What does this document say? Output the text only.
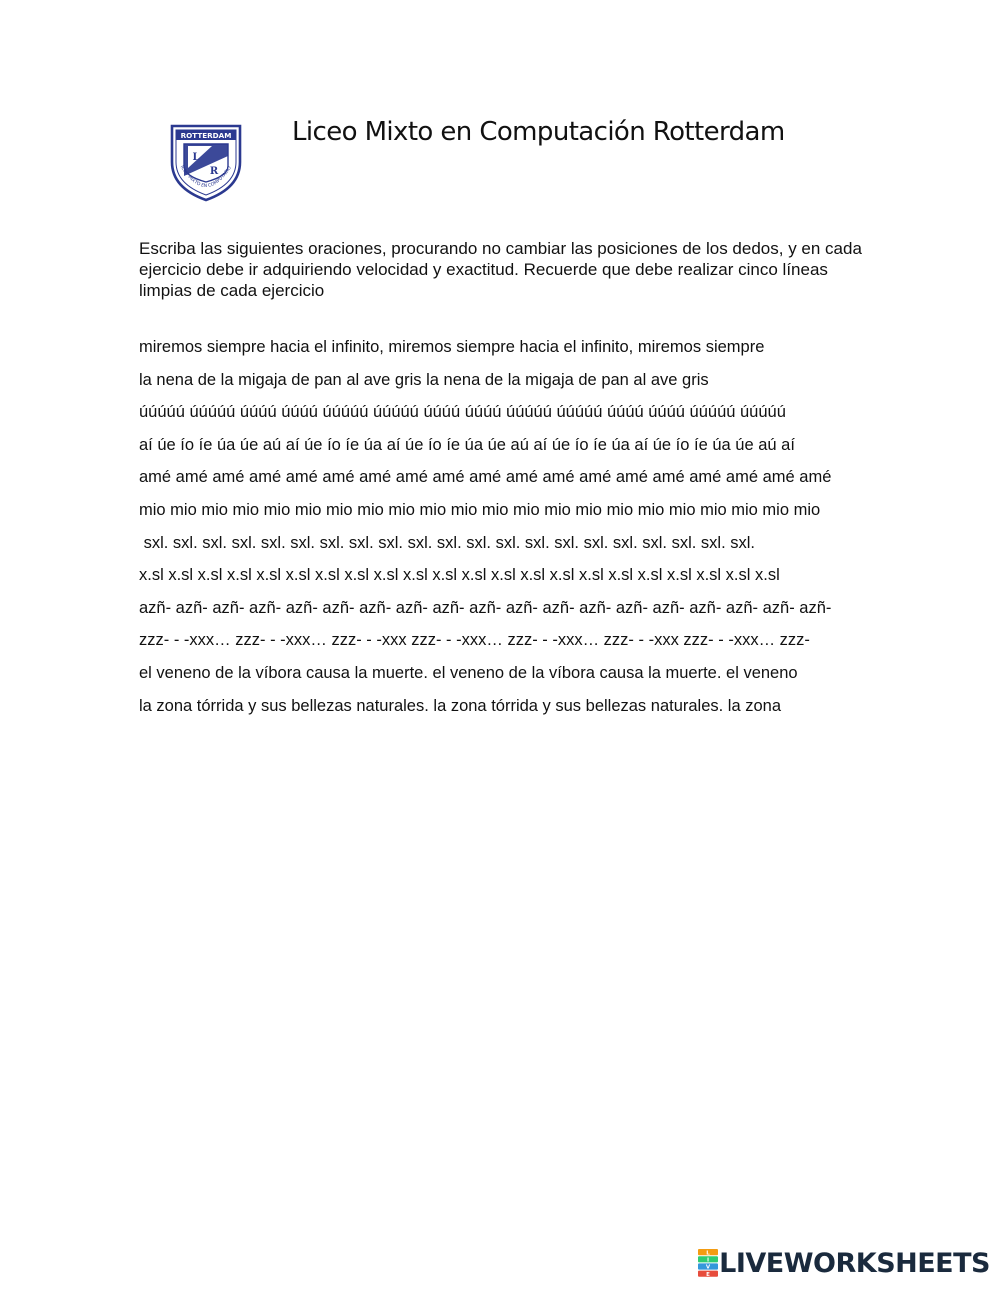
ROTTERDAM
L
R
ICEO MIXTO EN COMPUTACIO
Liceo Mixto en Computación Rotterdam
Escriba las siguientes oraciones, procurando no cambiar las posiciones de los dedos, y en cada ejercicio debe ir adquiriendo velocidad y exactitud. Recuerde que debe realizar cinco líneas limpias de cada ejercicio
miremos siempre hacia el infinito, miremos siempre hacia el infinito, miremos siempre
la nena de la migaja de pan al ave gris la nena de la migaja de pan al ave gris
úúúúú úúúúú úúúú úúúú úúúúú úúúúú úúúú úúúú úúúúú úúúúú úúúú úúúú úúúúú úúúúú
aí úe ío íe úa úe aú aí úe ío íe úa aí úe ío íe úa úe aú aí úe ío íe úa aí úe ío íe úa úe aú aí
amé amé amé amé amé amé amé amé amé amé amé amé amé amé amé amé amé amé amé
mio mio mio mio mio mio mio mio mio mio mio mio mio mio mio mio mio mio mio mio mio mio
sxl. sxl. sxl. sxl. sxl. sxl. sxl. sxl. sxl. sxl. sxl. sxl. sxl. sxl. sxl. sxl. sxl. sxl. sxl. sxl. sxl.
x.sl x.sl x.sl x.sl x.sl x.sl x.sl x.sl x.sl x.sl x.sl x.sl x.sl x.sl x.sl x.sl x.sl x.sl x.sl x.sl x.sl x.sl
azñ- azñ- azñ- azñ- azñ- azñ- azñ- azñ- azñ- azñ- azñ- azñ- azñ- azñ- azñ- azñ- azñ- azñ- azñ-
zzz- - -xxx… zzz- - -xxx… zzz- - -xxx zzz- - -xxx… zzz- - -xxx… zzz- - -xxx zzz- - -xxx… zzz-
el veneno de la víbora causa la muerte. el veneno de la víbora causa la muerte. el veneno
la zona tórrida y sus bellezas naturales. la zona tórrida y sus bellezas naturales. la zona
L
I
V
E LIVEWORKSHEETS
